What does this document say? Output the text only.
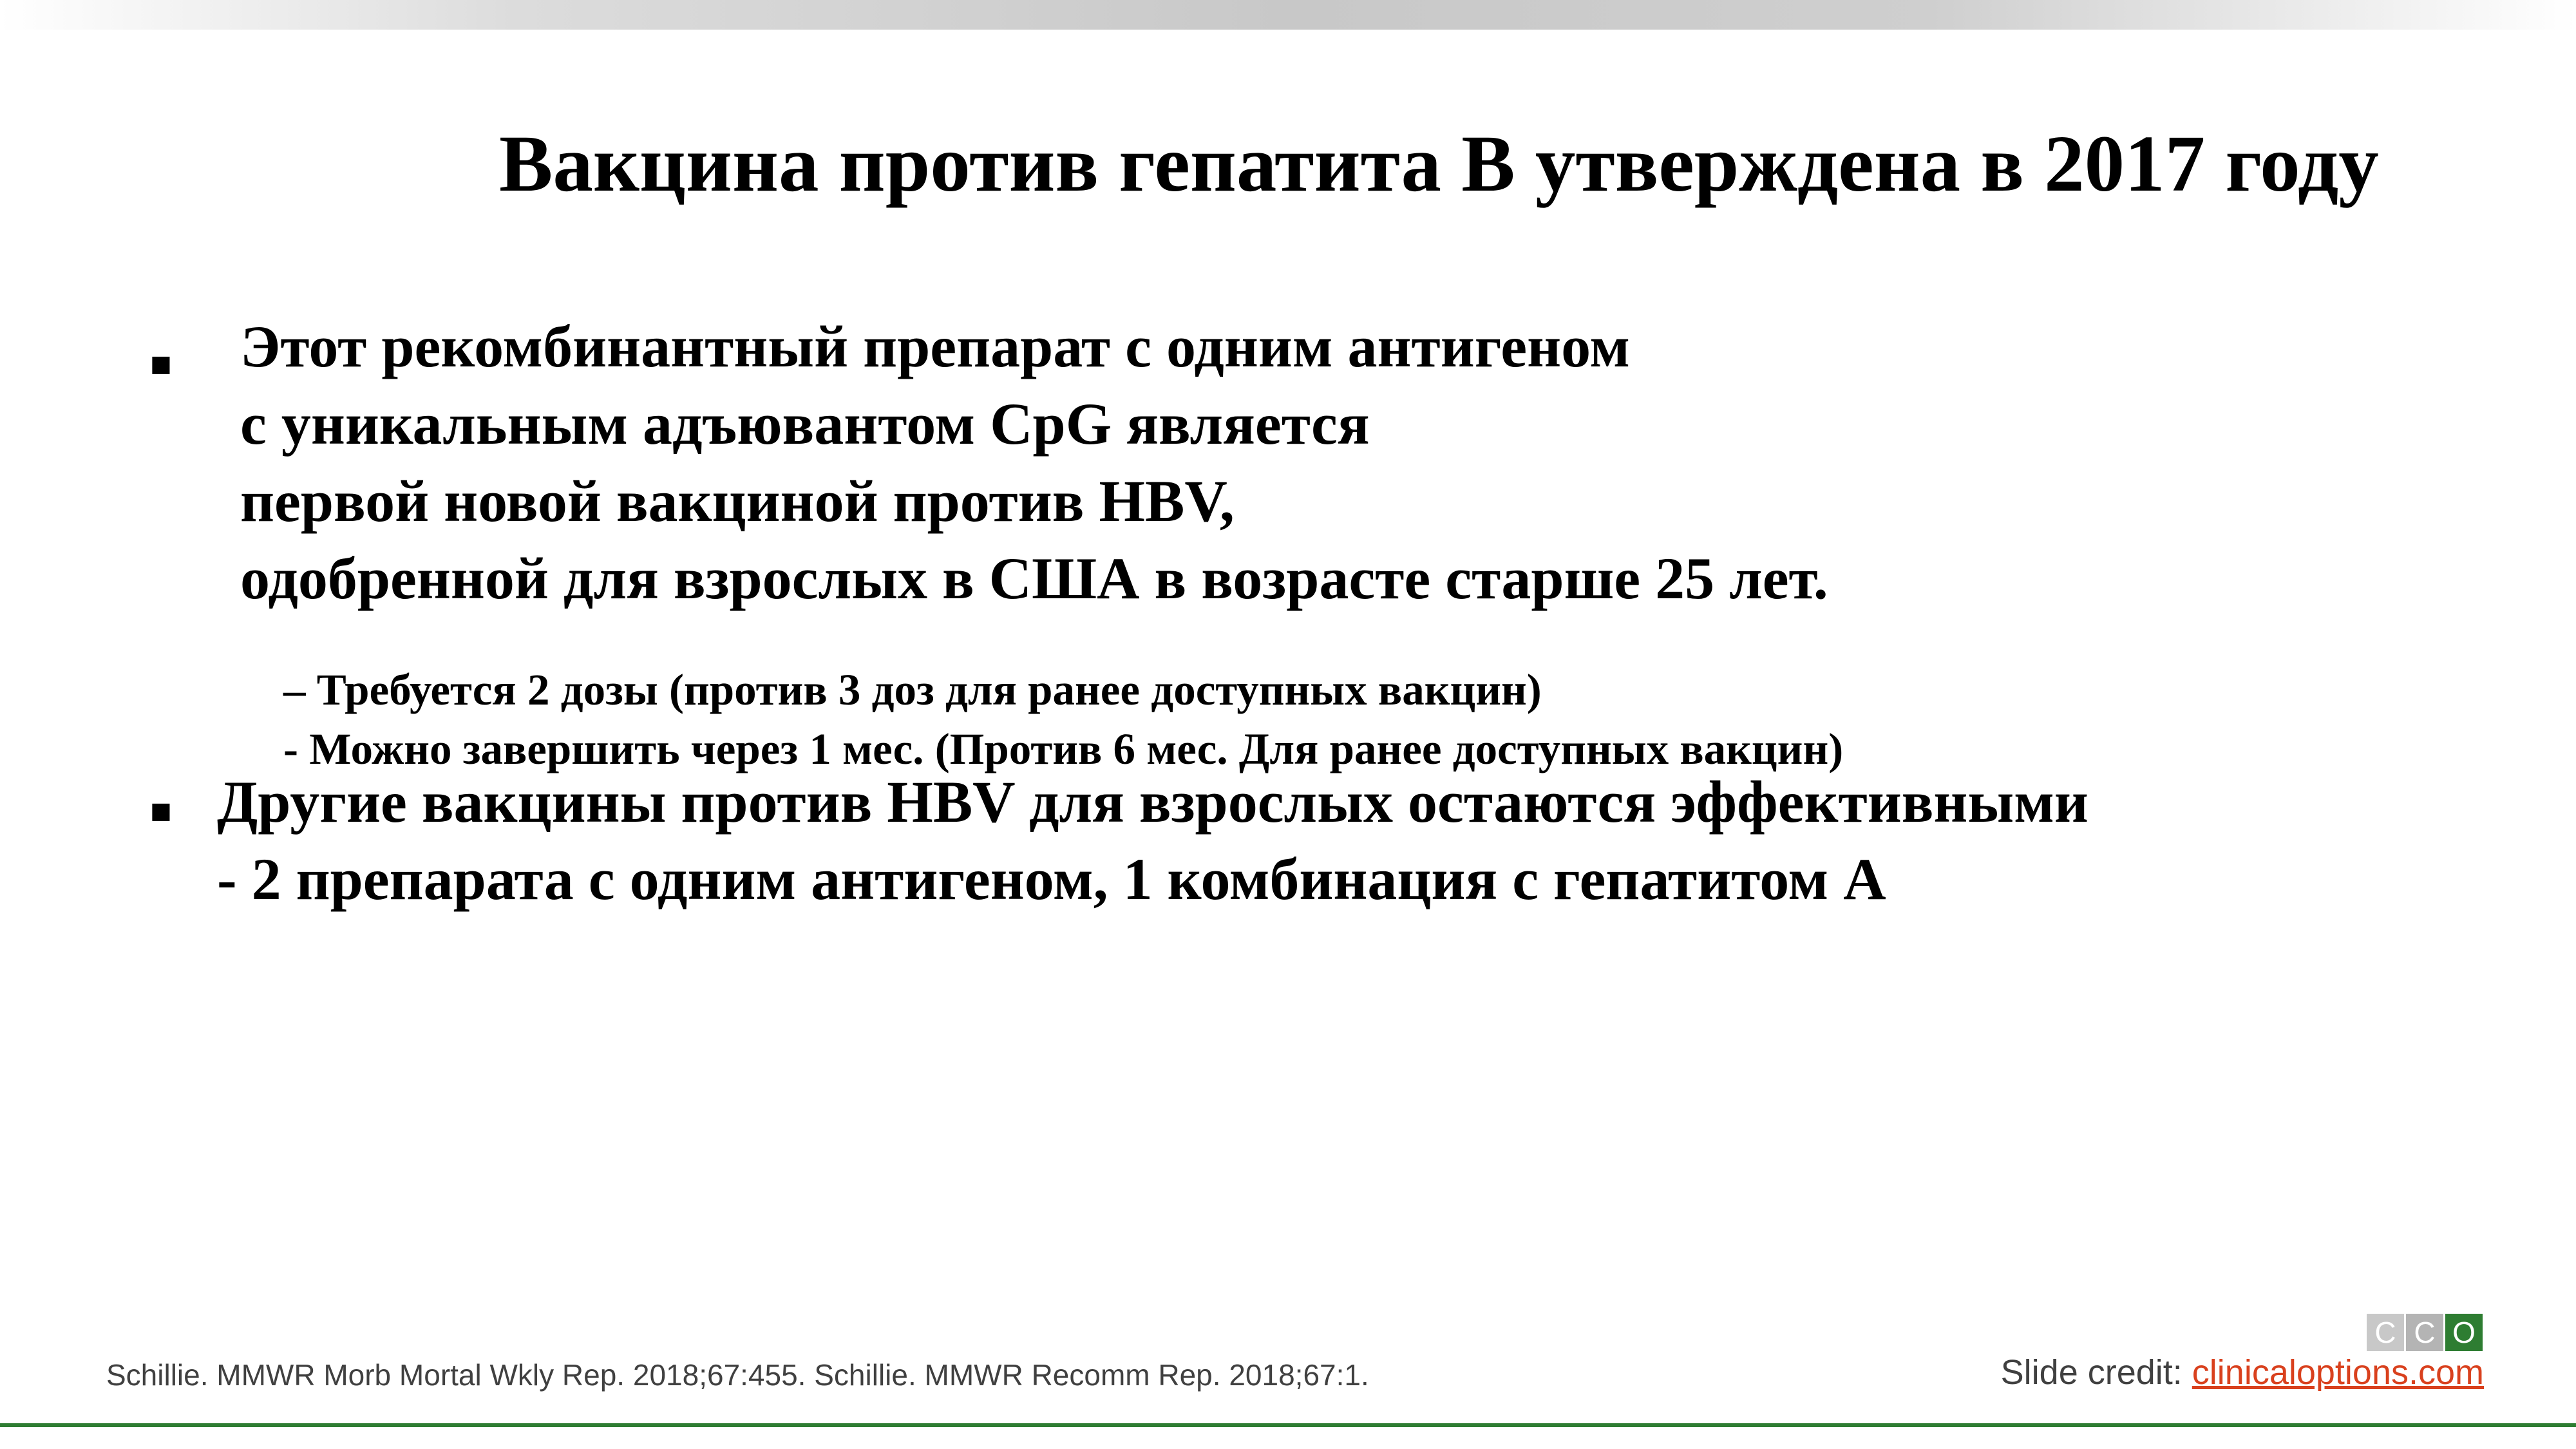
Вакцина против гепатита В утверждена в 2017 году
■ Этот рекомбинантный препарат с одним антигеном
с уникальным адъювантом CpG является
первой новой вакциной против HBV,
одобренной для взрослых в США в возрасте старше 25 лет.
– Требуется 2 дозы (против 3 доз для ранее доступных вакцин)
- Можно завершить через 1 мес. (Против 6 мес. Для ранее доступных вакцин)
■ Другие вакцины против HBV для взрослых остаются эффективными
- 2 препарата с одним антигеном, 1 комбинация с гепатитом А
C C O
Schillie. MMWR Morb Mortal Wkly Rep. 2018;67:455. Schillie. MMWR Recomm Rep. 2018;67:1.	Slide credit: clinicaloptions.com
